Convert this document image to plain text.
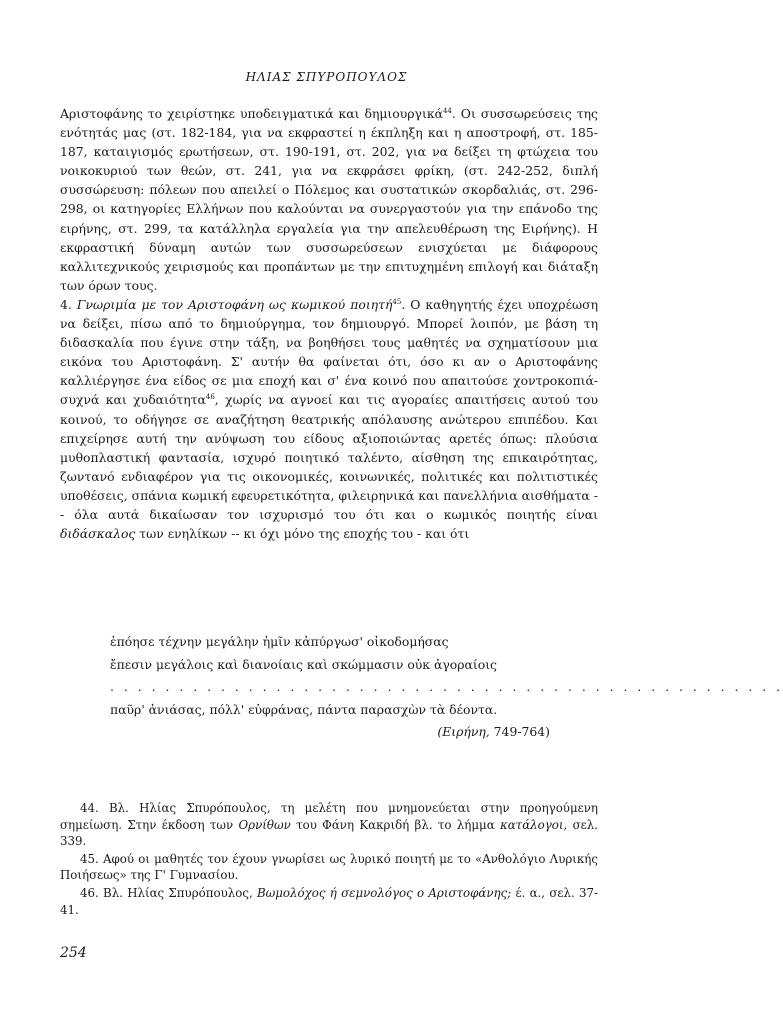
ΗΛΙΑΣ ΣΠΥΡΟΠΟΥΛΟΣ

Αριστοφάνης το χειρίστηκε υποδειγματικά και δημιουργικά$^{44}$. Οι συσσωρεύσεις της ενότητάς μας (στ. 182-184, για να εκφραστεί η έκπληξη και η αποστροφή, στ. 185-187, καταιγισμός ερωτήσεων, στ. 190-191, στ. 202, για να δείξει τη φτώχεια του νοικοκυριού των θεών, στ. 241, για να εκφράσει φρίκη, (στ. 242-252, διπλή συσσώρευση: πόλεων που απειλεί ο Πόλεμος και συστατικών σκορδαλιάς, στ. 296-298, οι κατηγορίες Ελλήνων που καλούνται να συνεργαστούν για την επάνοδο της ειρήνης, στ. 299, τα κατάλληλα εργαλεία για την απελευθέρωση της Ειρήνης). Η εκφραστική δύναμη αυτών των συσσωρεύσεων ενισχύεται με διάφορους καλλιτεχνικούς χειρισμούς και προπάντων με την επιτυχημένη επιλογή και διάταξη των όρων τους.

4. Γνωριμία με τον Αριστοφάνη ως κωμικού ποιητή$^{45}$. Ο καθηγητής έχει υποχρέωση να δείξει, πίσω από το δημιούργημα, τον δημιουργό. Μπορεί λοιπόν, με βάση τη διδασκαλία που έγινε στην τάξη, να βοηθήσει τους μαθητές να σχηματίσουν μια εικόνα του Αριστοφάνη. Σ' αυτήν θα φαίνεται ότι, όσο κι αν ο Αριστοφάνης καλλιέργησε ένα είδος σε μια εποχή και σ' ένα κοινό που απαιτούσε χοντροκοπιά-συχνά και χυδαιότητα$^{46}$, χωρίς να αγνοεί και τις αγοραίες απαιτήσεις αυτού του κοινού, το οδήγησε σε αναζήτηση θεατρικής απόλαυσης ανώτερου επιπέδου. Και επιχείρησε αυτή την ανύψωση του είδους αξιοποιώντας αρετές όπως: πλούσια μυθοπλαστική φαντασία, ισχυρό ποιητικό ταλέντο, αίσθηση της επικαιρότητας, ζωντανό ενδιαφέρον για τις οικονομικές, κοινωνικές, πολιτικές και πολιτιστικές υποθέσεις, σπάνια κωμική εφευρετικότητα, φιλειρηνικά και πανελλήνια αισθήματα -- όλα αυτά δικαίωσαν τον ισχυρισμό του ότι και ο κωμικός ποιητής είναι διδάσκαλος των ενηλίκων -- κι όχι μόνο της εποχής του - και ότι

ἐπόησε τέχνην μεγάλην ἡμῖν κἀπύργωσ' οἰκοδομήσας
ἔπεσιν μεγάλοις καὶ διανοίαις καὶ σκώμμασιν οὐκ ἀγοραίοις
. . . . . . . . . . . . . . . . . . . . . . . . . . . . . . . . . . . . . . . . . . . . . . . . .
παῦρ' ἀνιάσας, πόλλ' εὐφράνας, πάντα παρασχὼν τὰ δέοντα.
(Ειρήνη, 749-764)

44. Βλ. Ηλίας Σπυρόπουλος, τη μελέτη που μνημονεύεται στην προηγούμενη σημείωση. Στην έκδοση των Ορνίθων του Φάνη Κακριδή βλ. το λήμμα κατάλογοι, σελ. 339.

45. Αφού οι μαθητές τον έχουν γνωρίσει ως λυρικό ποιητή με το «Ανθολόγιο Λυρικής Ποιήσεως» της Γ' Γυμνασίου.

46. Βλ. Ηλίας Σπυρόπουλος, Βωμολόχος ή σεμνολόγος ο Αριστοφάνης; έ. α., σελ. 37-41.

254
